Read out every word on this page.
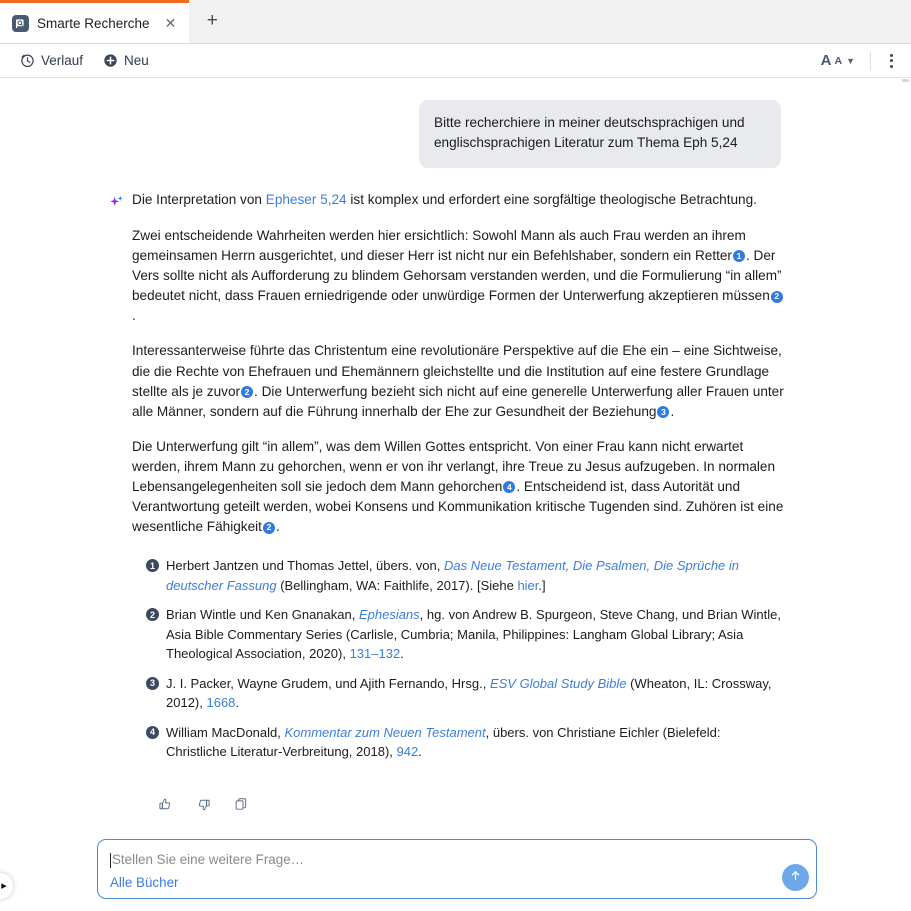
Smarte Recherche ✕	+
Verlauf	Neu	A A ▼
Bitte recherchiere in meiner deutschsprachigen und englischsprachigen Literatur zum Thema Eph 5,24
Die Interpretation von Epheser 5,24 ist komplex und erfordert eine sorgfältige theologische Betrachtung.
Zwei entscheidende Wahrheiten werden hier ersichtlich: Sowohl Mann als auch Frau werden an ihrem gemeinsamen Herrn ausgerichtet, und dieser Herr ist nicht nur ein Befehlshaber, sondern ein Retter 1 . Der Vers sollte nicht als Aufforderung zu blindem Gehorsam verstanden werden, und die Formulierung “in allem” bedeutet nicht, dass Frauen erniedrigende oder unwürdige Formen der Unterwerfung akzeptieren müssen 2.
Interessanterweise führte das Christentum eine revolutionäre Perspektive auf die Ehe ein – eine Sichtweise, die die Rechte von Ehefrauen und Ehemännern gleichstellte und die Institution auf eine festere Grundlage stellte als je zuvor 2 . Die Unterwerfung bezieht sich nicht auf eine generelle Unterwerfung aller Frauen unter alle Männer, sondern auf die Führung innerhalb der Ehe zur Gesundheit der Beziehung 3 .
Die Unterwerfung gilt “in allem”, was dem Willen Gottes entspricht. Von einer Frau kann nicht erwartet werden, ihrem Mann zu gehorchen, wenn er von ihr verlangt, ihre Treue zu Jesus aufzugeben. In normalen Lebensangelegenheiten soll sie jedoch dem Mann gehorchen 4 . Entscheidend ist, dass Autorität und Verantwortung geteilt werden, wobei Konsens und Kommunikation kritische Tugenden sind. Zuhören ist eine wesentliche Fähigkeit 2 .
1 Herbert Jantzen und Thomas Jettel, übers. von, Das Neue Testament, Die Psalmen, Die Sprüche in deutscher Fassung (Bellingham, WA: Faithlife, 2017). [Siehe hier.]
2 Brian Wintle und Ken Gnanakan, Ephesians, hg. von Andrew B. Spurgeon, Steve Chang, und Brian Wintle, Asia Bible Commentary Series (Carlisle, Cumbria; Manila, Philippines: Langham Global Library; Asia Theological Association, 2020), 131–132.
3 J. I. Packer, Wayne Grudem, und Ajith Fernando, Hrsg., ESV Global Study Bible (Wheaton, IL: Crossway, 2012), 1668.
4 William MacDonald, Kommentar zum Neuen Testament, übers. von Christiane Eichler (Bielefeld: Christliche Literatur-Verbreitung, 2018), 942.
Stellen Sie eine weitere Frage…
Alle Bücher
▸
